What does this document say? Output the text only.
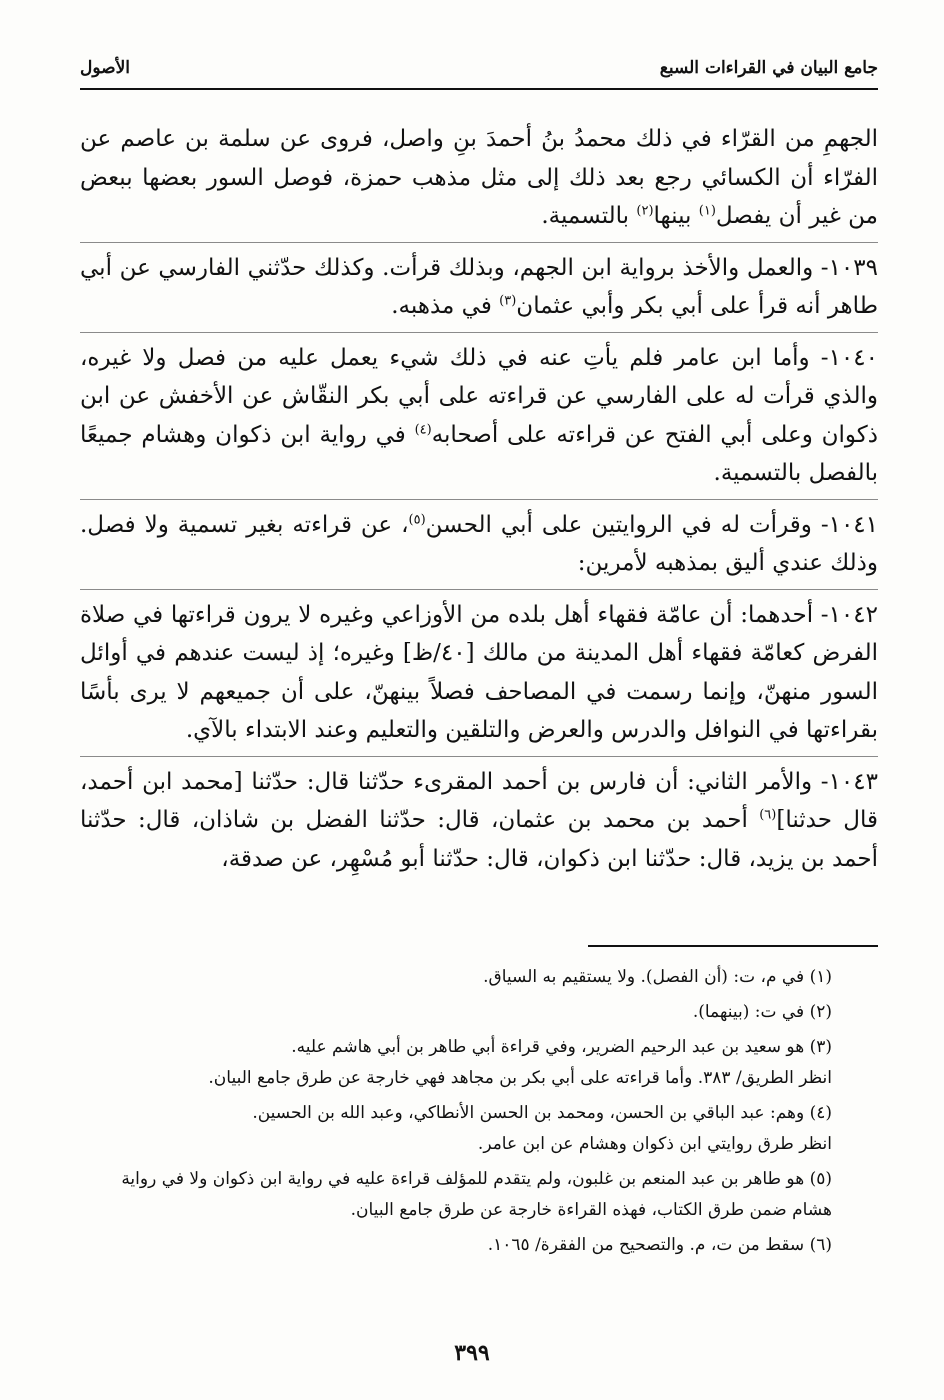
جامع البيان في القراءات السبع
الأصول

الجهمِ من القرّاء في ذلك محمدُ بنُ أحمدَ بنِ واصل، فروى عن سلمة بن عاصم عن الفرّاء أن الكسائي رجع بعد ذلك إلى مثل مذهب حمزة، فوصل السور بعضها ببعض من غير أن يفصل$^{(١)}$ بينها$^{(٢)}$ بالتسمية.

١٠٣٩- والعمل والأخذ برواية ابن الجهم، وبذلك قرأت. وكذلك حدّثني الفارسي عن أبي طاهر أنه قرأ على أبي بكر وأبي عثمان$^{(٣)}$ في مذهبه.

١٠٤٠- وأما ابن عامر فلم يأتِ عنه في ذلك شيء يعمل عليه من فصل ولا غيره، والذي قرأت له على الفارسي عن قراءته على أبي بكر النقّاش عن الأخفش عن ابن ذكوان وعلى أبي الفتح عن قراءته على أصحابه$^{(٤)}$ في رواية ابن ذكوان وهشام جميعًا بالفصل بالتسمية.

١٠٤١- وقرأت له في الروايتين على أبي الحسن$^{(٥)}$، عن قراءته بغير تسمية ولا فصل. وذلك عندي أليق بمذهبه لأمرين:

١٠٤٢- أحدهما: أن عامّة فقهاء أهل بلده من الأوزاعي وغيره لا يرون قراءتها في صلاة الفرض كعامّة فقهاء أهل المدينة من مالك [٤٠/ظ] وغيره؛ إذ ليست عندهم في أوائل السور منهنّ، وإنما رسمت في المصاحف فصلاً بينهنّ، على أن جميعهم لا يرى بأسًا بقراءتها في النوافل والدرس والعرض والتلقين والتعليم وعند الابتداء بالآي.

١٠٤٣- والأمر الثاني: أن فارس بن أحمد المقرىء حدّثنا قال: حدّثنا [محمد ابن أحمد، قال حدثنا]$^{(٦)}$ أحمد بن محمد بن عثمان، قال: حدّثنا الفضل بن شاذان، قال: حدّثنا أحمد بن يزيد، قال: حدّثنا ابن ذكوان، قال: حدّثنا أبو مُسْهِر، عن صدقة،

(١) في م، ت: (أن الفصل). ولا يستقيم به السياق.

(٢) في ت: (بينهما).

(٣) هو سعيد بن عبد الرحيم الضرير، وفي قراءة أبي طاهر بن أبي هاشم عليه.
انظر الطريق/ ٣٨٣. وأما قراءته على أبي بكر بن مجاهد فهي خارجة عن طرق جامع البيان.

(٤) وهم: عبد الباقي بن الحسن، ومحمد بن الحسن الأنطاكي، وعبد الله بن الحسين.
انظر طرق روايتي ابن ذكوان وهشام عن ابن عامر.

(٥) هو طاهر بن عبد المنعم بن غلبون، ولم يتقدم للمؤلف قراءة عليه في رواية ابن ذكوان ولا في رواية هشام ضمن طرق الكتاب، فهذه القراءة خارجة عن طرق جامع البيان.

(٦) سقط من ت، م. والتصحيح من الفقرة/ ١٠٦٥.

٣٩٩
